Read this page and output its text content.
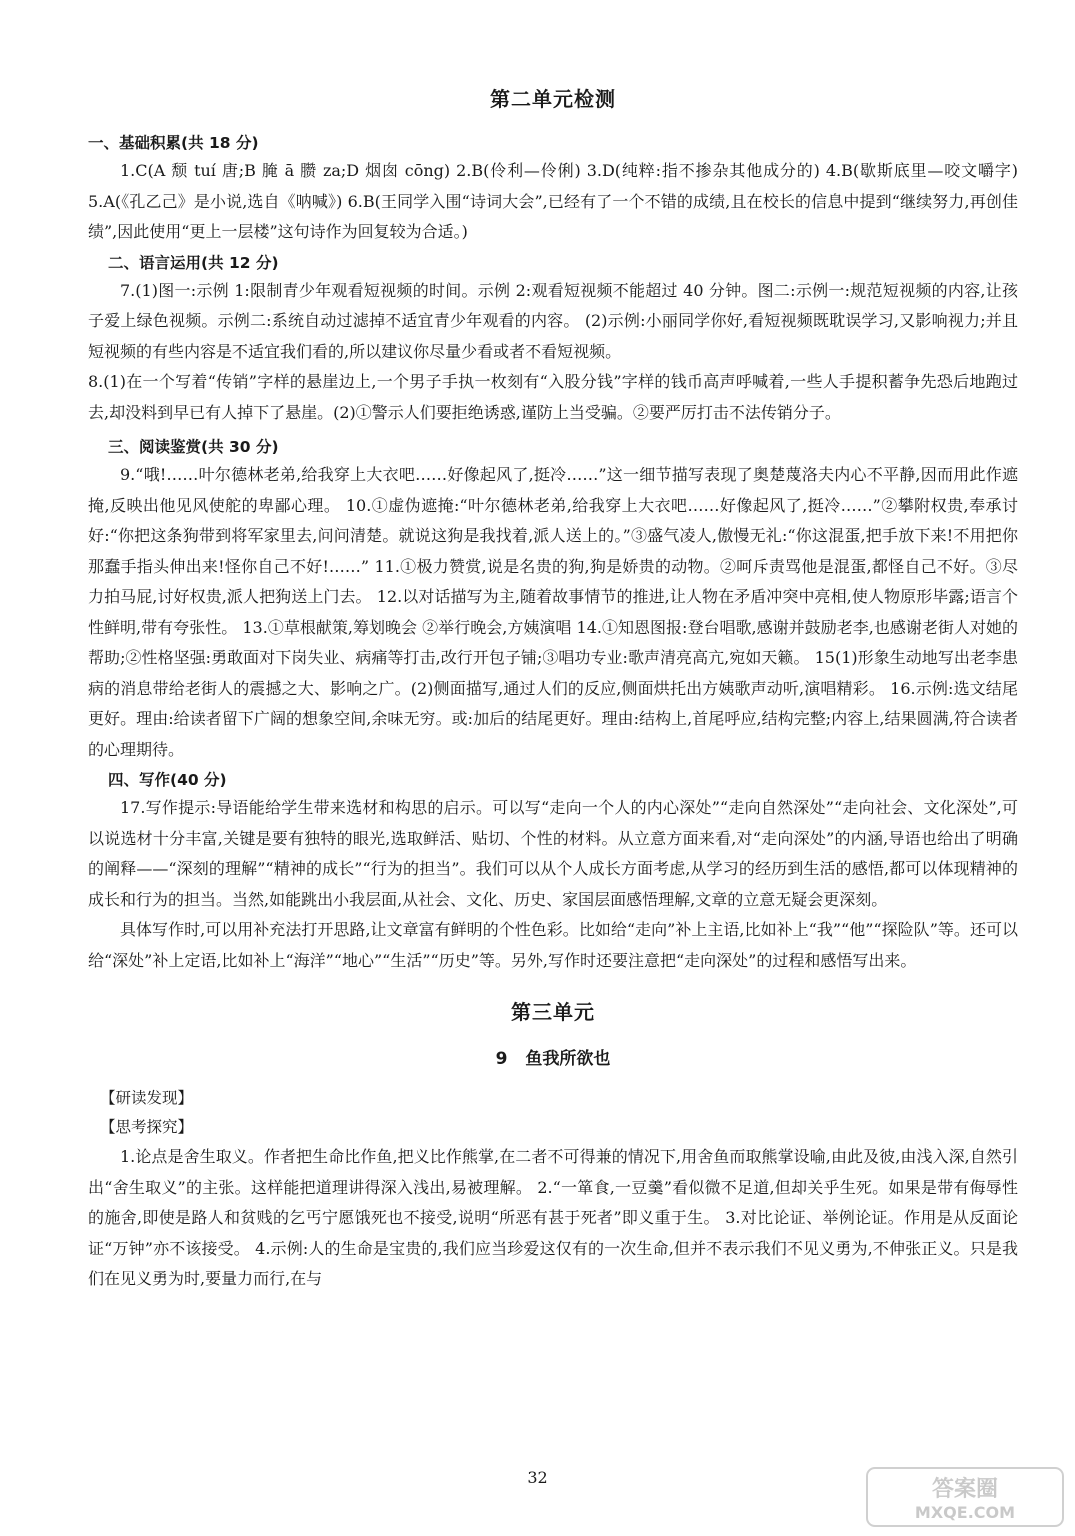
第二单元检测
一、基础积累(共 18 分)

1.C(A 颓 tuí 唐;B 腌 ā 臜 za;D 烟囱 cōng) 2.B(伶利—伶俐) 3.D(纯粹:指不掺杂其他成分的) 4.B(歇斯底里—咬文嚼字) 5.A(《孔乙己》是小说,选自《呐喊》) 6.B(王同学入围“诗词大会”,已经有了一个不错的成绩,且在校长的信息中提到“继续努力,再创佳绩”,因此使用“更上一层楼”这句诗作为回复较为合适。)

二、语言运用(共 12 分)

7.(1)图一:示例 1:限制青少年观看短视频的时间。示例 2:观看短视频不能超过 40 分钟。图二:示例一:规范短视频的内容,让孩子爱上绿色视频。示例二:系统自动过滤掉不适宜青少年观看的内容。 (2)示例:小丽同学你好,看短视频既耽误学习,又影响视力;并且短视频的有些内容是不适宜我们看的,所以建议你尽量少看或者不看短视频。

8.(1)在一个写着“传销”字样的悬崖边上,一个男子手执一枚刻有“入股分钱”字样的钱币高声呼喊着,一些人手提积蓄争先恐后地跑过去,却没料到早已有人掉下了悬崖。(2)①警示人们要拒绝诱惑,谨防上当受骗。②要严厉打击不法传销分子。

三、阅读鉴赏(共 30 分)

9.“哦!……叶尔德林老弟,给我穿上大衣吧……好像起风了,挺冷……”这一细节描写表现了奥楚蔑洛夫内心不平静,因而用此作遮掩,反映出他见风使舵的卑鄙心理。 10.①虚伪遮掩:“叶尔德林老弟,给我穿上大衣吧……好像起风了,挺冷……”②攀附权贵,奉承讨好:“你把这条狗带到将军家里去,问问清楚。就说这狗是我找着,派人送上的。”③盛气凌人,傲慢无礼:“你这混蛋,把手放下来!不用把你那蠢手指头伸出来!怪你自己不好!……” 11.①极力赞赏,说是名贵的狗,狗是娇贵的动物。②呵斥责骂他是混蛋,都怪自己不好。③尽力拍马屁,讨好权贵,派人把狗送上门去。 12.以对话描写为主,随着故事情节的推进,让人物在矛盾冲突中亮相,使人物原形毕露;语言个性鲜明,带有夸张性。 13.①草根献策,筹划晚会 ②举行晚会,方姨演唱 14.①知恩图报:登台唱歌,感谢并鼓励老李,也感谢老街人对她的帮助;②性格坚强:勇敢面对下岗失业、病痛等打击,改行开包子铺;③唱功专业:歌声清亮高亢,宛如天籁。 15(1)形象生动地写出老李患病的消息带给老街人的震撼之大、影响之广。(2)侧面描写,通过人们的反应,侧面烘托出方姨歌声动听,演唱精彩。 16.示例:选文结尾更好。理由:给读者留下广阔的想象空间,余味无穷。或:加后的结尾更好。理由:结构上,首尾呼应,结构完整;内容上,结果圆满,符合读者的心理期待。

四、写作(40 分)

17.写作提示:导语能给学生带来选材和构思的启示。可以写“走向一个人的内心深处”“走向自然深处”“走向社会、文化深处”,可以说选材十分丰富,关键是要有独特的眼光,选取鲜活、贴切、个性的材料。从立意方面来看,对“走向深处”的内涵,导语也给出了明确的阐释——“深刻的理解”“精神的成长”“行为的担当”。我们可以从个人成长方面考虑,从学习的经历到生活的感悟,都可以体现精神的成长和行为的担当。当然,如能跳出小我层面,从社会、文化、历史、家国层面感悟理解,文章的立意无疑会更深刻。

具体写作时,可以用补充法打开思路,让文章富有鲜明的个性色彩。比如给“走向”补上主语,比如补上“我”“他”“探险队”等。还可以给“深处”补上定语,比如补上“海洋”“地心”“生活”“历史”等。另外,写作时还要注意把“走向深处”的过程和感悟写出来。

第三单元
9 鱼我所欲也
【研读发现】
【思考探究】

1.论点是舍生取义。作者把生命比作鱼,把义比作熊掌,在二者不可得兼的情况下,用舍鱼而取熊掌设喻,由此及彼,由浅入深,自然引出“舍生取义”的主张。这样能把道理讲得深入浅出,易被理解。 2.“一箪食,一豆羹”看似微不足道,但却关乎生死。如果是带有侮辱性的施舍,即使是路人和贫贱的乞丐宁愿饿死也不接受,说明“所恶有甚于死者”即义重于生。 3.对比论证、举例论证。作用是从反面论证“万钟”亦不该接受。 4.示例:人的生命是宝贵的,我们应当珍爱这仅有的一次生命,但并不表示我们不见义勇为,不伸张正义。只是我们在见义勇为时,要量力而行,在与

32	答案圈
MXQE.COM
